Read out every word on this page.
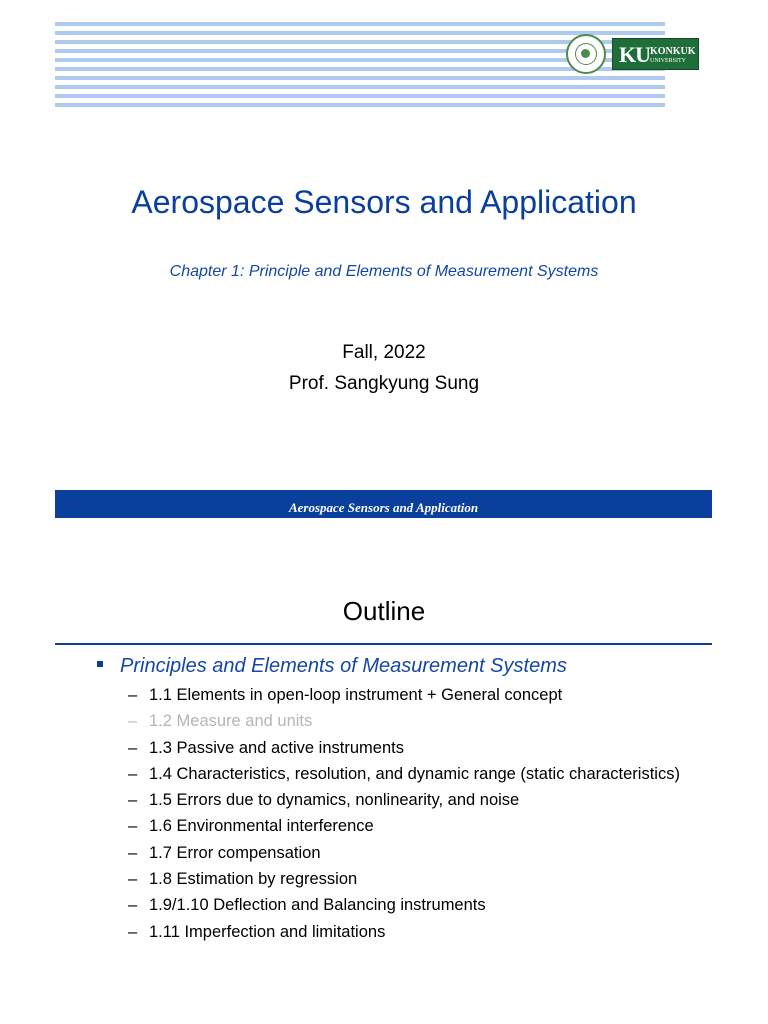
KU KONKUK
UNIVERSITY
Aerospace Sensors and Application
Chapter 1: Principle and Elements of Measurement Systems
Fall, 2022
Prof. Sangkyung Sung
Aerospace Sensors and Application
Outline
Principles and Elements of Measurement Systems
– 1.1 Elements in open-loop instrument + General concept
– 1.2 Measure and units
– 1.3 Passive and active instruments
– 1.4 Characteristics, resolution, and dynamic range (static characteristics)
– 1.5 Errors due to dynamics, nonlinearity, and noise
– 1.6 Environmental interference
– 1.7 Error compensation
– 1.8 Estimation by regression
– 1.9/1.10 Deflection and Balancing instruments
– 1.11 Imperfection and limitations
